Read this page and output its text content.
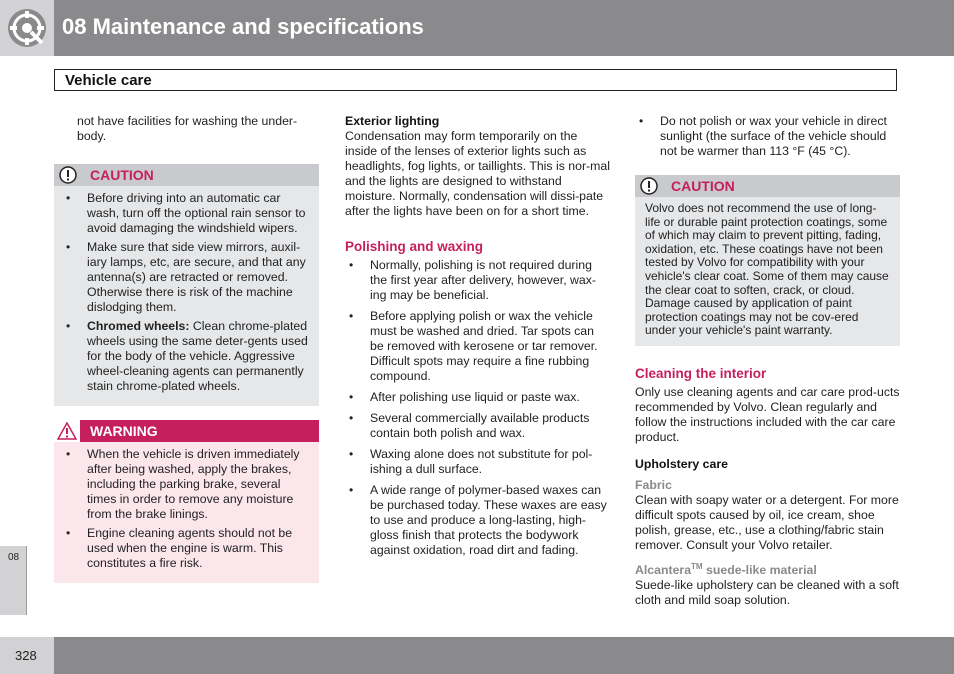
08 Maintenance and specifications
Vehicle care

not have facilities for washing the under-body.

CAUTION
• Before driving into an automatic car wash, turn off the optional rain sensor to avoid damaging the windshield wipers.
• Make sure that side view mirrors, auxil-iary lamps, etc, are secure, and that any antenna(s) are retracted or removed. Otherwise there is risk of the machine dislodging them.
• Chromed wheels: Clean chrome-plated wheels using the same deter-gents used for the body of the vehicle. Aggressive wheel-cleaning agents can permanently stain chrome-plated wheels.
WARNING
• When the vehicle is driven immediately after being washed, apply the brakes, including the parking brake, several times in order to remove any moisture from the brake linings.
• Engine cleaning agents should not be used when the engine is warm. This constitutes a fire risk.
Exterior lighting

Condensation may form temporarily on the inside of the lenses of exterior lights such as headlights, fog lights, or taillights. This is nor-mal and the lights are designed to withstand moisture. Normally, condensation will dissi-pate after the lights have been on for a short time.

Polishing and waxing
• Normally, polishing is not required during the first year after delivery, however, wax-ing may be beneficial.
• Before applying polish or wax the vehicle must be washed and dried. Tar spots can be removed with kerosene or tar remover. Difficult spots may require a fine rubbing compound.
• After polishing use liquid or paste wax.
• Several commercially available products contain both polish and wax.
• Waxing alone does not substitute for pol-ishing a dull surface.
• A wide range of polymer-based waxes can be purchased today. These waxes are easy to use and produce a long-lasting, high-gloss finish that protects the bodywork against oxidation, road dirt and fading.
• Do not polish or wax your vehicle in direct sunlight (the surface of the vehicle should not be warmer than 113 °F (45 °C).
CAUTION

Volvo does not recommend the use of long-life or durable paint protection coatings, some of which may claim to prevent pitting, fading, oxidation, etc. These coatings have not been tested by Volvo for compatibility with your vehicle's clear coat. Some of them may cause the clear coat to soften, crack, or cloud. Damage caused by application of paint protection coatings may not be cov-ered under your vehicle's paint warranty.

Cleaning the interior

Only use cleaning agents and car care prod-ucts recommended by Volvo. Clean regularly and follow the instructions included with the car care product.

Upholstery care
Fabric

Clean with soapy water or a detergent. For more difficult spots caused by oil, ice cream, shoe polish, grease, etc., use a clothing/fabric stain remover. Consult your Volvo retailer.

Alcantera™ suede-like material

Suede-like upholstery can be cleaned with a soft cloth and mild soap solution.

08
328
